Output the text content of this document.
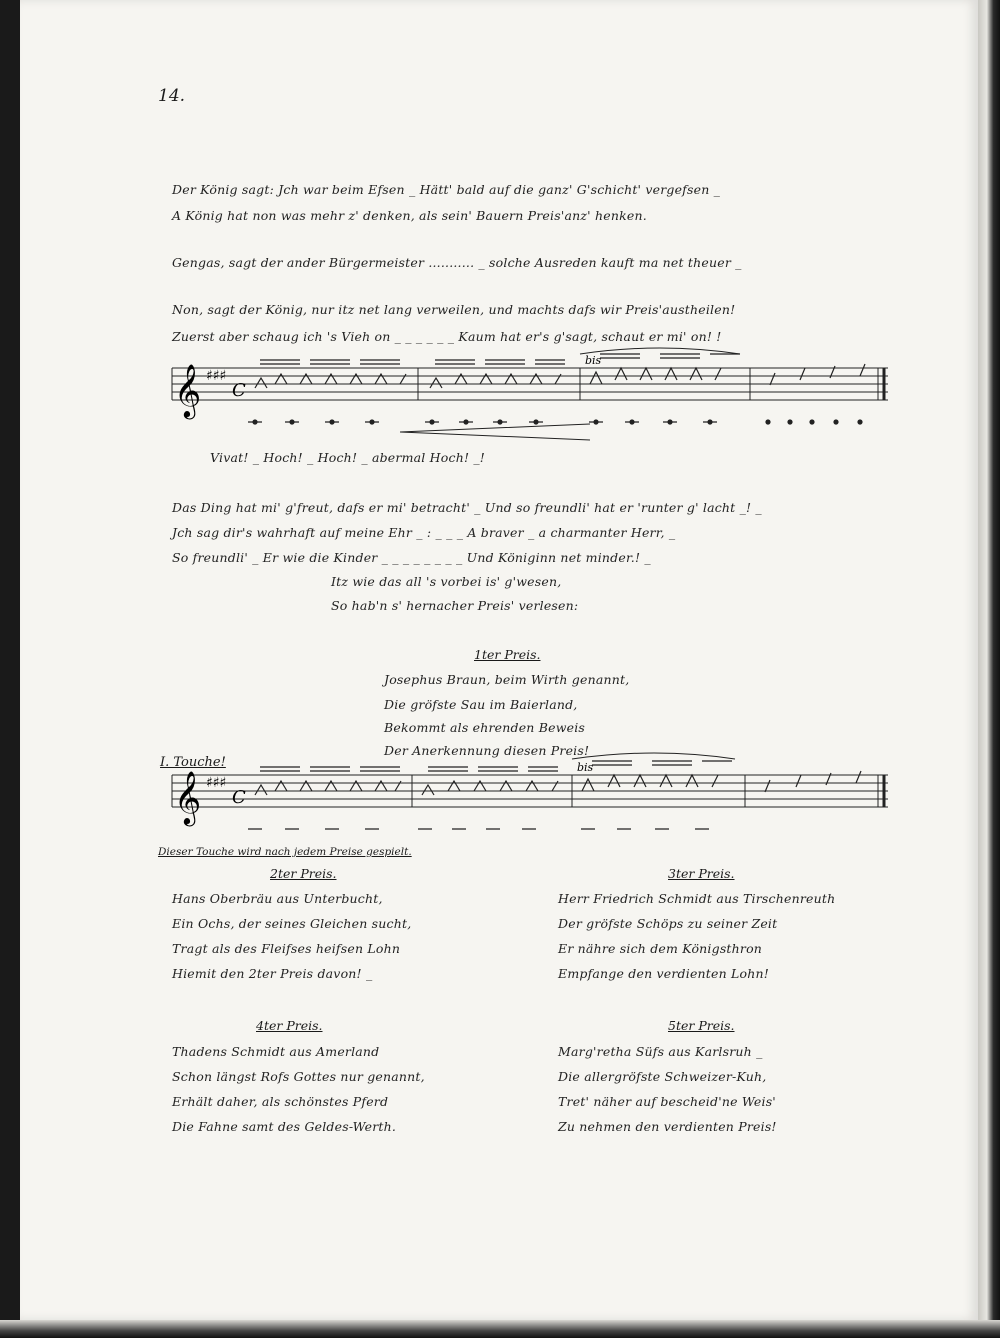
14.
Der König sagt: Jch war beim Efsen _ Hätt' bald auf die ganz' G'schicht' vergefsen _
A König hat non was mehr z' denken, als sein' Bauern Preis'anz' henken.
Gengas, sagt der ander Bürgermeister ........... _ solche Ausreden kauft ma net theuer _
Non, sagt der König, nur itz net lang verweilen, und machts dafs wir Preis'austheilen!
Zuerst aber schaug ich 's Vieh on _ _ _ _ _ _ Kaum hat er's g'sagt, schaut er mi' on! !
𝄞 ♯♯♯
C
bis
Vivat! _ Hoch! _ Hoch! _ abermal Hoch! _!
Das Ding hat mi' g'freut, dafs er mi' betracht' _ Und so freundli' hat er 'runter g' lacht _! _
Jch sag dir's wahrhaft auf meine Ehr _ : _ _ _ A braver _ a charmanter Herr, _
So freundli' _ Er wie die Kinder _ _ _ _ _ _ _ _ Und Königinn net minder.! _
Itz wie das all 's vorbei is' g'wesen,
So hab'n s' hernacher Preis' verlesen:
1ter Preis.
Josephus Braun, beim Wirth genannt,
Die gröfste Sau im Baierland,
Bekommt als ehrenden Beweis
Der Anerkennung diesen Preis!
I. Touche!
𝄞 ♯♯♯
C
bis
Dieser Touche wird nach jedem Preise gespielt.
2ter Preis.
Hans Oberbräu aus Unterbucht,
Ein Ochs, der seines Gleichen sucht,
Tragt als des Fleifses heifsen Lohn
Hiemit den 2ter Preis davon! _
3ter Preis.
Herr Friedrich Schmidt aus Tirschenreuth
Der gröfste Schöps zu seiner Zeit
Er nähre sich dem Königsthron
Empfange den verdienten Lohn!
4ter Preis.
Thadens Schmidt aus Amerland
Schon längst Rofs Gottes nur genannt,
Erhält daher, als schönstes Pferd
Die Fahne samt des Geldes-Werth.
5ter Preis.
Marg'retha Süfs aus Karlsruh _
Die allergröfste Schweizer-Kuh,
Tret' näher auf bescheid'ne Weis'
Zu nehmen den verdienten Preis!
